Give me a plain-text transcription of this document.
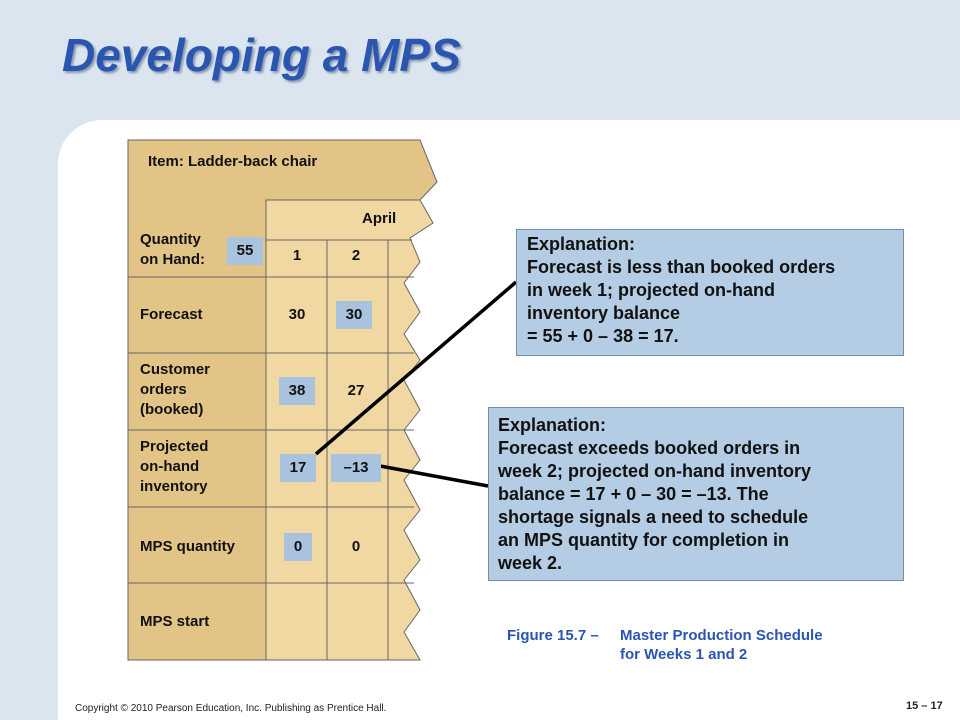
Developing a MPS
Item: Ladder-back chair
April
Quantity
on Hand:
55	1	2
Forecast	30	30
Customer
orders
(booked)
38	27
Projected
on-hand
inventory
17	–13
MPS quantity	0	0
MPS start
Explanation:
Forecast is less than booked orders
in week 1; projected on-hand
inventory balance
= 55 + 0 – 38 = 17.
Explanation:
Forecast exceeds booked orders in
week 2; projected on-hand inventory
balance = 17 + 0 – 30 = –13. The
shortage signals a need to schedule
an MPS quantity for completion in
week 2.
Figure 15.7 – Master Production Schedule
for Weeks 1 and 2
Copyright © 2010 Pearson Education, Inc. Publishing as Prentice Hall.	15 – 17
